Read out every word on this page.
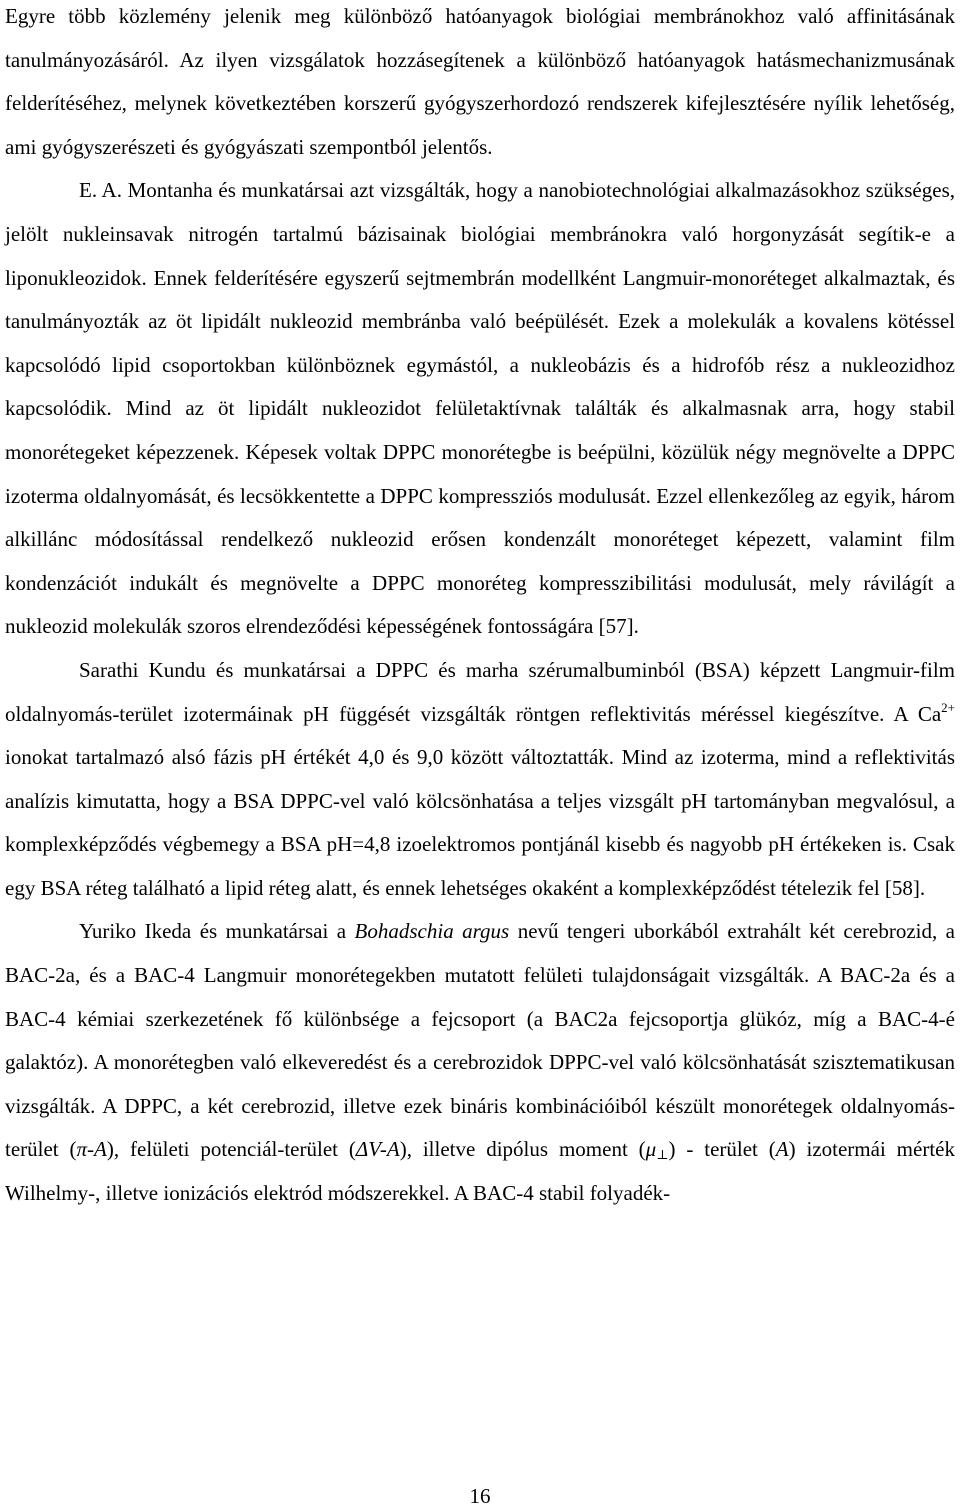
Egyre több közlemény jelenik meg különböző hatóanyagok biológiai membránokhoz való affinitásának tanulmányozásáról. Az ilyen vizsgálatok hozzásegítenek a különböző hatóanyagok hatásmechanizmusának felderítéséhez, melynek következtében korszerű gyógyszerhordozó rendszerek kifejlesztésére nyílik lehetőség, ami gyógyszerészeti és gyógyászati szempontból jelentős.

E. A. Montanha és munkatársai azt vizsgálták, hogy a nanobiotechnológiai alkalmazásokhoz szükséges, jelölt nukleinsavak nitrogén tartalmú bázisainak biológiai membránokra való horgonyzását segítik-e a liponukleozidok. Ennek felderítésére egyszerű sejtmembrán modellként Langmuir-monoréteget alkalmaztak, és tanulmányozták az öt lipidált nukleozid membránba való beépülését. Ezek a molekulák a kovalens kötéssel kapcsolódó lipid csoportokban különböznek egymástól, a nukleobázis és a hidrofób rész a nukleozidhoz kapcsolódik. Mind az öt lipidált nukleozidot felületaktívnak találták és alkalmasnak arra, hogy stabil monorétegeket képezzenek. Képesek voltak DPPC monorétegbe is beépülni, közülük négy megnövelte a DPPC izoterma oldalnyomását, és lecsökkentette a DPPC kompressziós modulusát. Ezzel ellenkezőleg az egyik, három alkillánc módosítással rendelkező nukleozid erősen kondenzált monoréteget képezett, valamint film kondenzációt indukált és megnövelte a DPPC monoréteg kompresszibilitási modulusát, mely rávilágít a nukleozid molekulák szoros elrendeződési képességének fontosságára [57].

Sarathi Kundu és munkatársai a DPPC és marha szérumalbuminból (BSA) képzett Langmuir-film oldalnyomás-terület izotermáinak pH függését vizsgálták röntgen reflektivitás méréssel kiegészítve. A $Ca^{2+}$ ionokat tartalmazó alsó fázis pH értékét 4,0 és 9,0 között változtatták. Mind az izoterma, mind a reflektivitás analízis kimutatta, hogy a BSA DPPC-vel való kölcsönhatása a teljes vizsgált pH tartományban megvalósul, a komplexképződés végbemegy a BSA pH=4,8 izoelektromos pontjánál kisebb és nagyobb pH értékeken is. Csak egy BSA réteg található a lipid réteg alatt, és ennek lehetséges okaként a komplexképződést tételezik fel [58].

Yuriko Ikeda és munkatársai a Bohadschia argus nevű tengeri uborkából extrahált két cerebrozid, a BAC-2a, és a BAC-4 Langmuir monorétegekben mutatott felületi tulajdonságait vizsgálták. A BAC-2a és a BAC-4 kémiai szerkezetének fő különbsége a fejcsoport (a BAC2a fejcsoportja glükóz, míg a BAC-4-é galaktóz). A monorétegben való elkeveredést és a cerebrozidok DPPC-vel való kölcsönhatását szisztematikusan vizsgálták. A DPPC, a két cerebrozid, illetve ezek bináris kombinációiból készült monorétegek oldalnyomás-terület (π-A), felületi potenciál-terület (ΔV-A), illetve dipólus moment $(\mu_\perp)$ - terület (A) izotermái mérték Wilhelmy-, illetve ionizációs elektród módszerekkel. A BAC-4 stabil folyadék-

16
